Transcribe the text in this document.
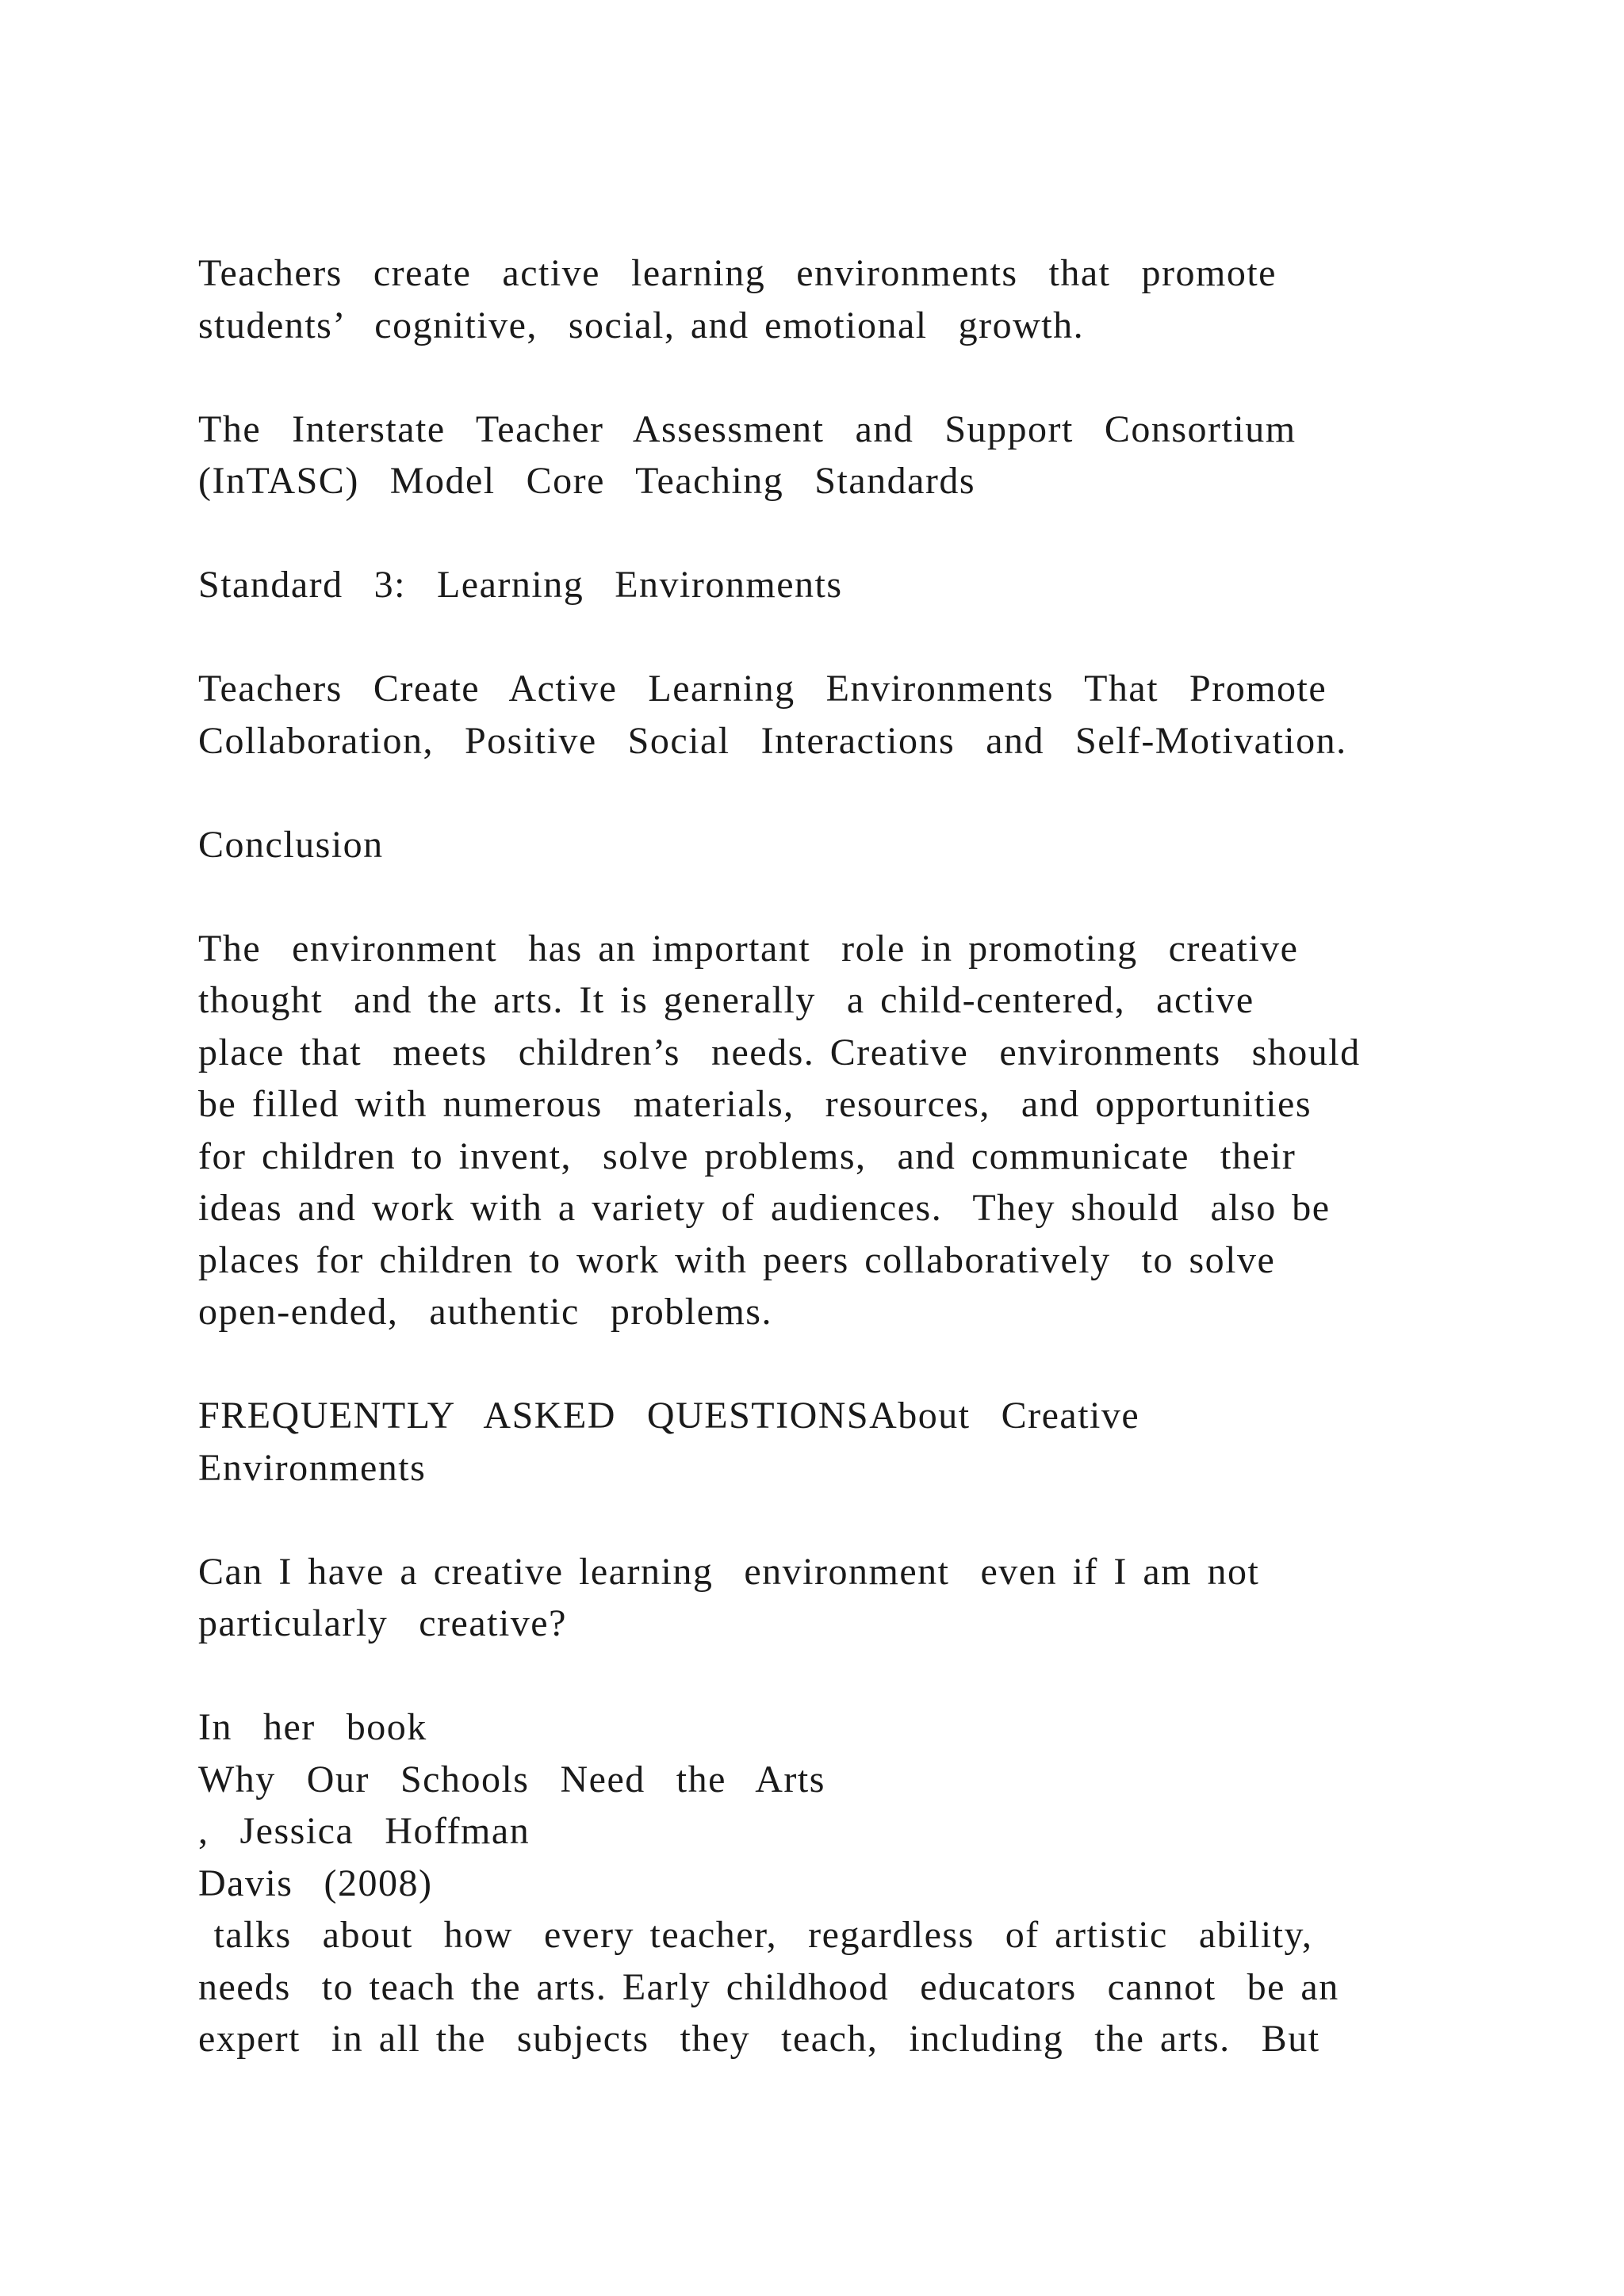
Teachers  create  active  learning  environments  that  promote
students’  cognitive,  social, and emotional  growth.

The  Interstate  Teacher  Assessment  and  Support  Consortium
(InTASC)  Model  Core  Teaching  Standards

Standard  3:  Learning  Environments

Teachers  Create  Active  Learning  Environments  That  Promote
Collaboration,  Positive  Social  Interactions  and  Self-Motivation.

Conclusion

The  environment  has an important  role in promoting  creative
thought  and the arts. It is generally  a child-centered,  active
place that  meets  children’s  needs. Creative  environments  should
be filled with numerous  materials,  resources,  and opportunities
for children to invent,  solve problems,  and communicate  their
ideas and work with a variety of audiences.  They should  also be
places for children to work with peers collaboratively  to solve
open-ended,  authentic  problems.

FREQUENTLY  ASKED  QUESTIONSAbout  Creative
Environments

Can I have a creative learning  environment  even if I am not
particularly  creative?

In  her  book
Why  Our  Schools  Need  the  Arts
,  Jessica  Hoffman
Davis  (2008)
talks  about  how  every teacher,  regardless  of artistic  ability,
needs  to teach the arts. Early childhood  educators  cannot  be an
expert  in all the  subjects  they  teach,  including  the arts.  But
